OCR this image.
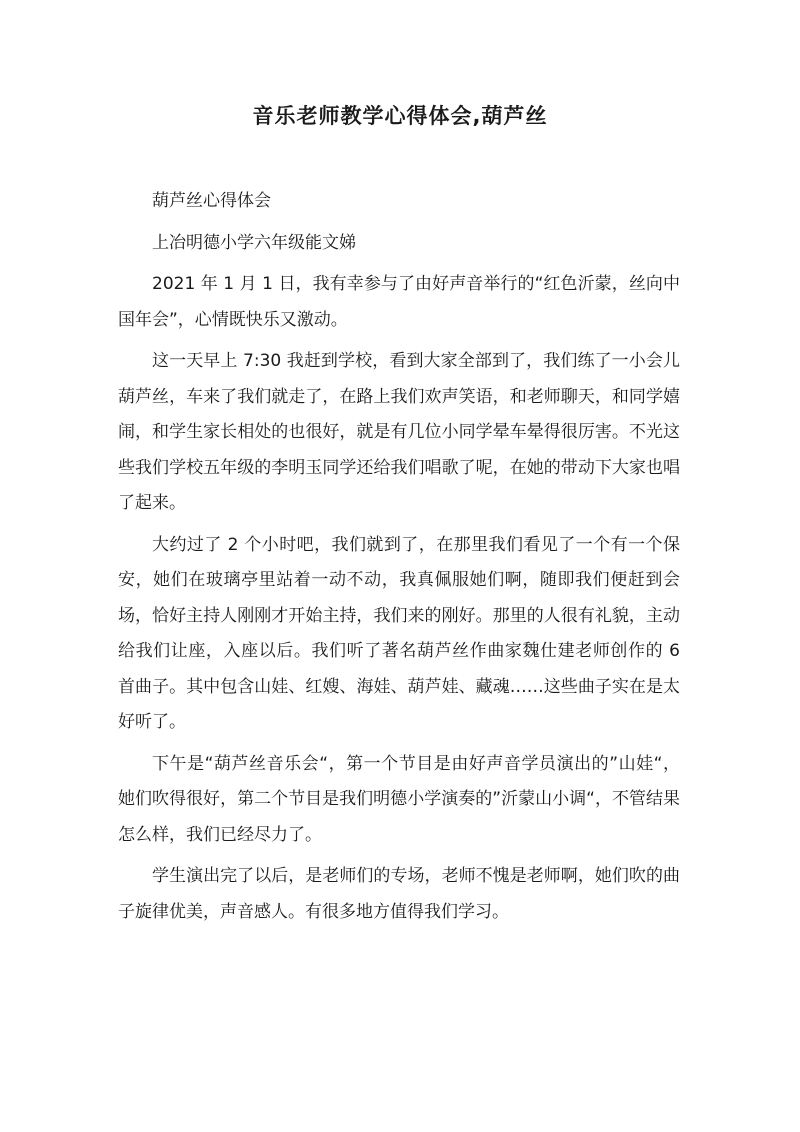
音乐老师教学心得体会,葫芦丝

葫芦丝心得体会

上冶明德小学六年级能文娣

2021 年 1 月 1 日，我有幸参与了由好声音举行的“红色沂蒙，丝向中国年会”，心情既快乐又激动。

这一天早上 7:30 我赶到学校，看到大家全部到了，我们练了一小会儿葫芦丝，车来了我们就走了，在路上我们欢声笑语，和老师聊天，和同学嬉闹，和学生家长相处的也很好，就是有几位小同学晕车晕得很厉害。不光这些我们学校五年级的李明玉同学还给我们唱歌了呢，在她的带动下大家也唱了起来。

大约过了 2 个小时吧，我们就到了，在那里我们看见了一个有一个保安，她们在玻璃亭里站着一动不动，我真佩服她们啊，随即我们便赶到会场，恰好主持人刚刚才开始主持，我们来的刚好。那里的人很有礼貌，主动给我们让座，入座以后。我们听了著名葫芦丝作曲家魏仕建老师创作的 6 首曲子。其中包含山娃、红嫂、海娃、葫芦娃、藏魂……这些曲子实在是太好听了。

下午是“葫芦丝音乐会“，第一个节目是由好声音学员演出的”山娃“，她们吹得很好，第二个节目是我们明德小学演奏的”沂蒙山小调“，不管结果怎么样，我们已经尽力了。

学生演出完了以后，是老师们的专场，老师不愧是老师啊，她们吹的曲子旋律优美，声音感人。有很多地方值得我们学习。
